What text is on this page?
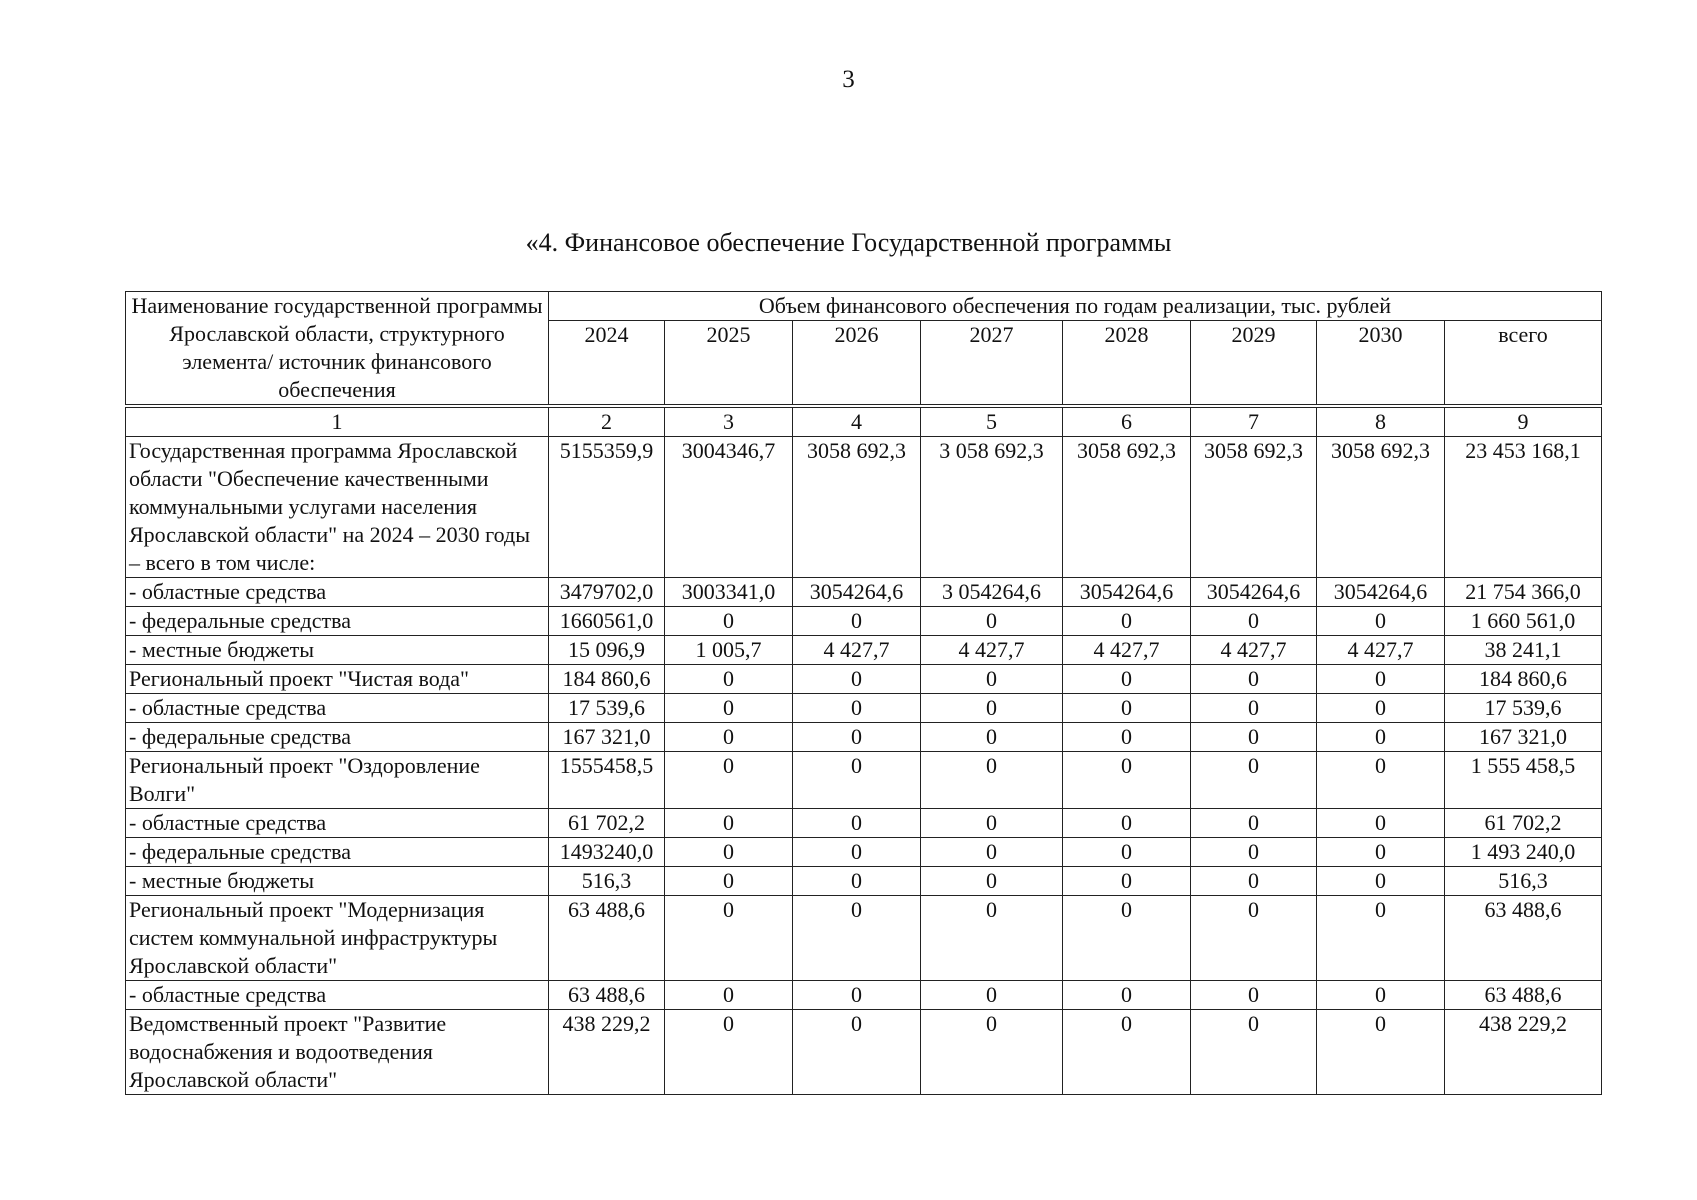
3
«4. Финансовое обеспечение Государственной программы
Наименование государственной программы Ярославской области, структурного элемента/ источник финансового обеспечения	Объем финансового обеспечения по годам реализации, тыс. рублей							
	2024	2025	2026	2027	2028	2029	2030	всего
1	2	3	4	5	6	7	8	9
Государственная программа Ярославской области "Обеспечение качественными коммунальными услугами населения Ярославской области" на 2024 – 2030 годы – всего в том числе:	5155359,9	3004346,7	3058 692,3	3 058 692,3	3058 692,3	3058 692,3	3058 692,3	23 453 168,1
- областные средства	3479702,0	3003341,0	3054264,6	3 054264,6	3054264,6	3054264,6	3054264,6	21 754 366,0
- федеральные средства	1660561,0	0	0	0	0	0	0	1 660 561,0
- местные бюджеты	15 096,9	1 005,7	4 427,7	4 427,7	4 427,7	4 427,7	4 427,7	38 241,1
Региональный проект "Чистая вода"	184 860,6	0	0	0	0	0	0	184 860,6
- областные средства	17 539,6	0	0	0	0	0	0	17 539,6
- федеральные средства	167 321,0	0	0	0	0	0	0	167 321,0
Региональный проект "Оздоровление Волги"	1555458,5	0	0	0	0	0	0	1 555 458,5
- областные средства	61 702,2	0	0	0	0	0	0	61 702,2
- федеральные средства	1493240,0	0	0	0	0	0	0	1 493 240,0
- местные бюджеты	516,3	0	0	0	0	0	0	516,3
Региональный проект "Модернизация систем коммунальной инфраструктуры Ярославской области"	63 488,6	0	0	0	0	0	0	63 488,6
- областные средства	63 488,6	0	0	0	0	0	0	63 488,6
Ведомственный проект "Развитие водоснабжения и водоотведения Ярославской области"	438 229,2	0	0	0	0	0	0	438 229,2
